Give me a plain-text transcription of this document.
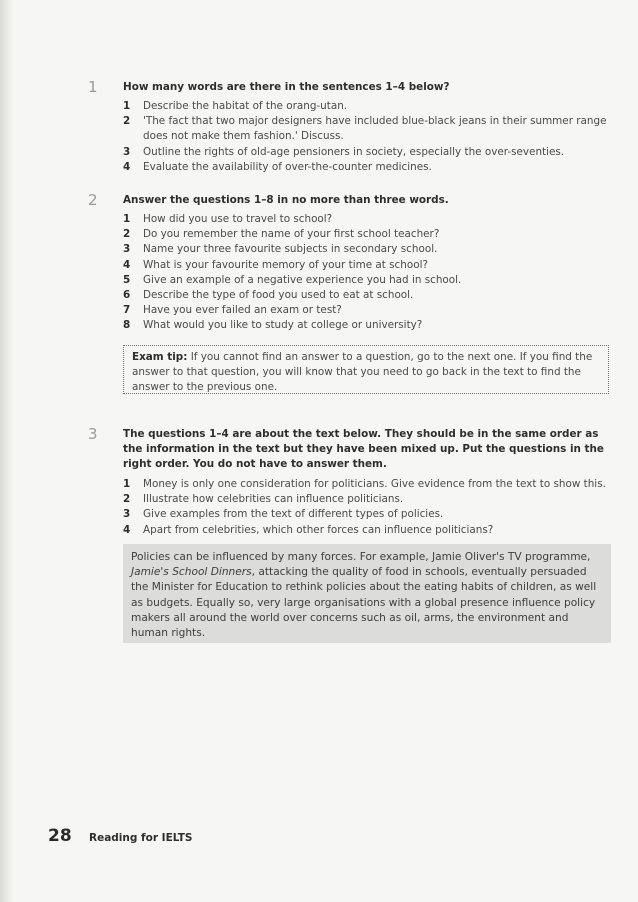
1 How many words are there in the sentences 1–4 below?
1	Describe the habitat of the orang-utan.
2	'The fact that two major designers have included blue-black jeans in their summer range does not make them fashion.' Discuss.
3	Outline the rights of old-age pensioners in society, especially the over-seventies.
4	Evaluate the availability of over-the-counter medicines.
2 Answer the questions 1–8 in no more than three words.
1	How did you use to travel to school?
2	Do you remember the name of your first school teacher?
3	Name your three favourite subjects in secondary school.
4	What is your favourite memory of your time at school?
5	Give an example of a negative experience you had in school.
6	Describe the type of food you used to eat at school.
7	Have you ever failed an exam or test?
8	What would you like to study at college or university?
Exam tip: If you cannot find an answer to a question, go to the next one. If you find the answer to that question, you will know that you need to go back in the text to find the answer to the previous one.
3 The questions 1–4 are about the text below. They should be in the same order as the information in the text but they have been mixed up. Put the questions in the right order. You do not have to answer them.
1	Money is only one consideration for politicians. Give evidence from the text to show this.
2	Illustrate how celebrities can influence politicians.
3	Give examples from the text of different types of policies.
4	Apart from celebrities, which other forces can influence politicians?
Policies can be influenced by many forces. For example, Jamie Oliver's TV programme, Jamie's School Dinners, attacking the quality of food in schools, eventually persuaded the Minister for Education to rethink policies about the eating habits of children, as well as budgets. Equally so, very large organisations with a global presence influence policy makers all around the world over concerns such as oil, arms, the environment and human rights.
28 Reading for IELTS
